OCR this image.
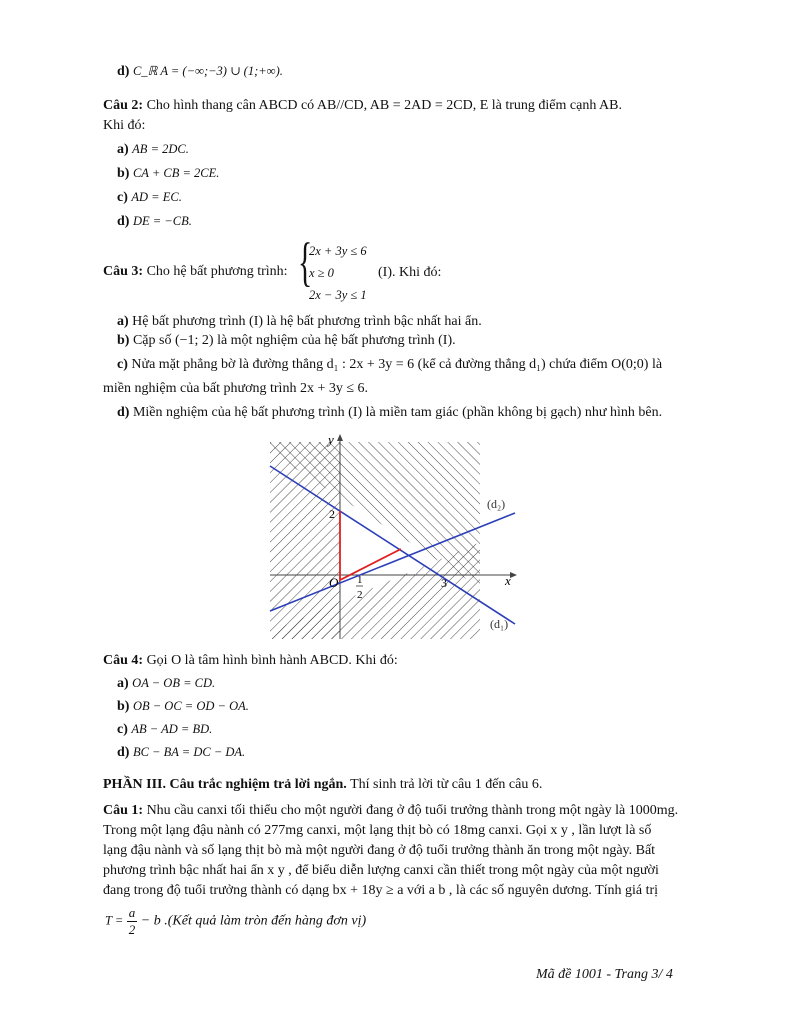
d) C_ℝ A = (−∞;−3) ∪ (1;+∞).
Câu 2: Cho hình thang cân ABCD có AB//CD, AB = 2AD = 2CD, E là trung điểm cạnh AB.
Khi đó:
a) AB = 2DC.
b) CA + CB = 2CE.
c) AD = EC.
d) DE = −CB.
Câu 3: Cho hệ bất phương trình: {
2x + 3y ≤ 6
x ≥ 0
2x − 3y ≤ 1
(I). Khi đó:
a) Hệ bất phương trình (I) là hệ bất phương trình bậc nhất hai ẩn.
b) Cặp số (−1; 2) là một nghiệm của hệ bất phương trình (I).
c) Nửa mặt phẳng bờ là đường thẳng d₁ : 2x + 3y = 6 (kể cả đường thẳng d₁) chứa điểm O(0;0) là
miền nghiệm của bất phương trình 2x + 3y ≤ 6.
d) Miền nghiệm của hệ bất phương trình (I) là miền tam giác (phần không bị gạch) như hình bên.
y
x
O
2
3
1
2
(d₂)
(d₁)
Câu 4: Gọi O là tâm hình bình hành ABCD. Khi đó:
a) OA − OB = CD.
b) OB − OC = OD − OA.
c) AB − AD = BD.
d) BC − BA = DC − DA.
PHẦN III. Câu trắc nghiệm trả lời ngắn. Thí sinh trả lời từ câu 1 đến câu 6.
Câu 1: Nhu cầu canxi tối thiểu cho một người đang ở độ tuổi trưởng thành trong một ngày là 1000mg.
Trong một lạng đậu nành có 277mg canxi, một lạng thịt bò có 18mg canxi. Gọi x y , lần lượt là số
lạng đậu nành và số lạng thịt bò mà một người đang ở độ tuổi trưởng thành ăn trong một ngày. Bất
phương trình bậc nhất hai ẩn x y , để biểu diễn lượng canxi cần thiết trong một ngày của một người
đang trong độ tuổi trưởng thành có dạng bx + 18y ≥ a với a b , là các số nguyên dương. Tính giá trị
$T = \frac{a}{2} - b$ .(Kết quả làm tròn đến hàng đơn vị)
Mã đề 1001 - Trang 3/ 4
